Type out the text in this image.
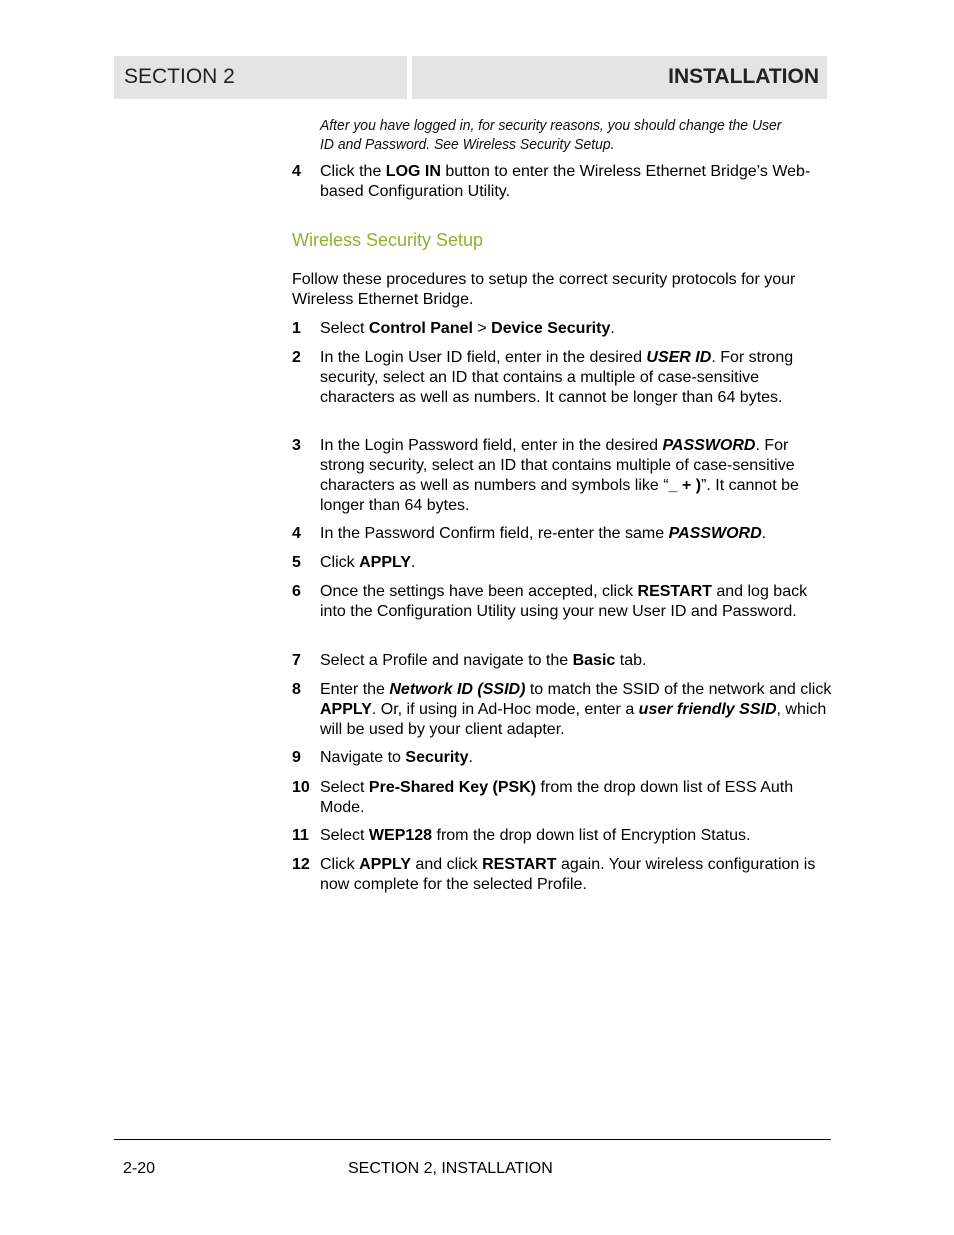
SECTION 2	INSTALLATION
After you have logged in, for security reasons, you should change the User ID and Password. See Wireless Security Setup.
4 Click the LOG IN button to enter the Wireless Ethernet Bridge’s Web-based Configuration Utility.
Wireless Security Setup
Follow these procedures to setup the correct security protocols for your Wireless Ethernet Bridge.
1 Select Control Panel > Device Security.
2 In the Login User ID field, enter in the desired USER ID. For strong security, select an ID that contains a multiple of case-sensitive characters as well as numbers. It cannot be longer than 64 bytes.
3 In the Login Password field, enter in the desired PASSWORD. For strong security, select an ID that contains multiple of case-sensitive characters as well as numbers and symbols like “_ + )”. It cannot be longer than 64 bytes.
4 In the Password Confirm field, re-enter the same PASSWORD.
5 Click APPLY.
6 Once the settings have been accepted, click RESTART and log back into the Configuration Utility using your new User ID and Password.
7 Select a Profile and navigate to the Basic tab.
8 Enter the Network ID (SSID) to match the SSID of the network and click APPLY. Or, if using in Ad-Hoc mode, enter a user friendly SSID, which will be used by your client adapter.
9 Navigate to Security.
10 Select Pre-Shared Key (PSK) from the drop down list of ESS Auth Mode.
11 Select WEP128 from the drop down list of Encryption Status.
12 Click APPLY and click RESTART again. Your wireless configuration is now complete for the selected Profile.
2-20	SECTION 2, INSTALLATION
